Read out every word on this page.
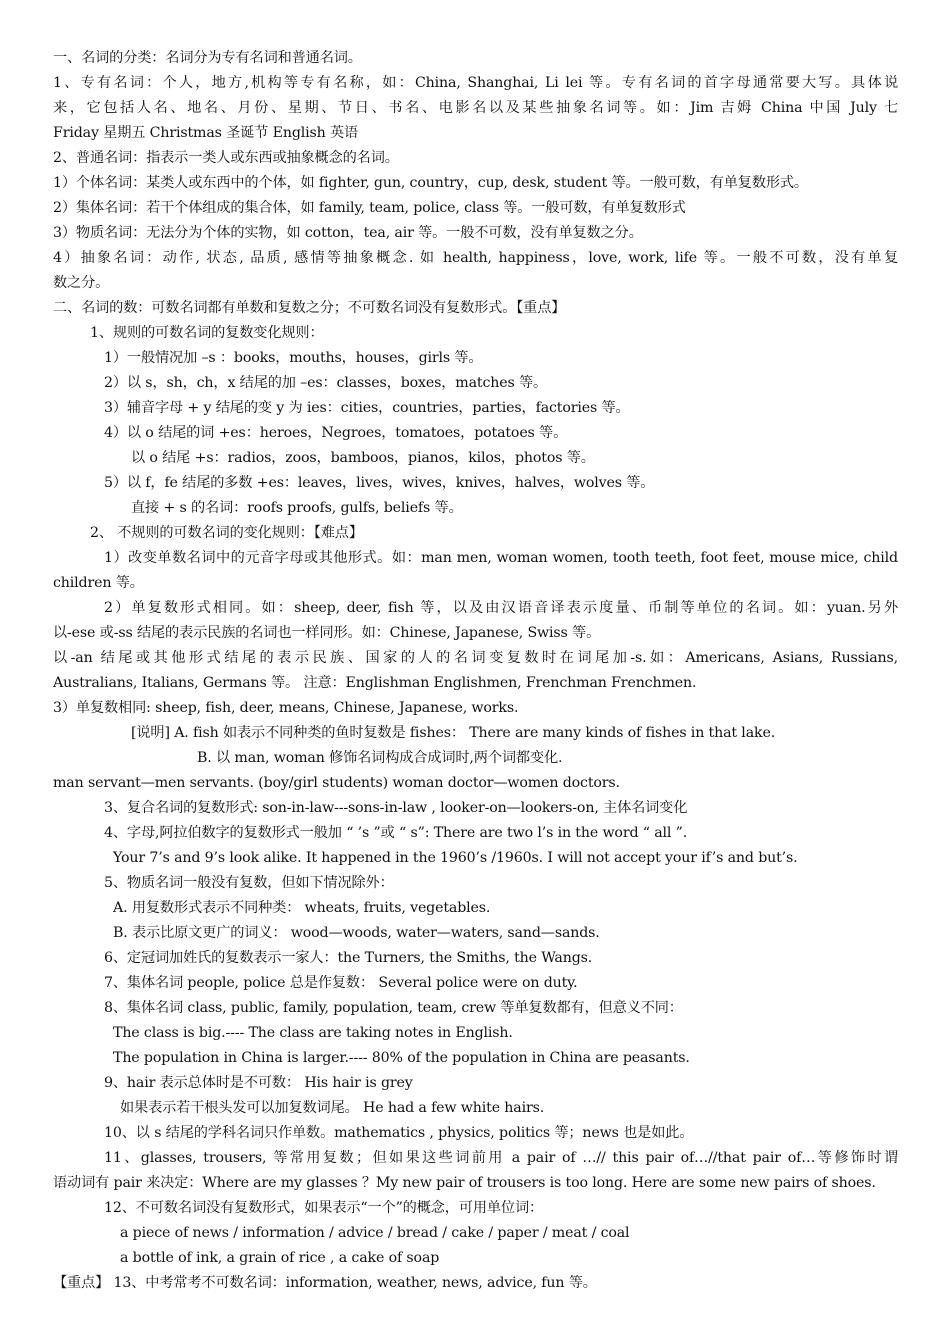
一、名词的分类：名词分为专有名词和普通名词。
1、专有名词：个人，地方,机构等专有名称，如：China, Shanghai, Li lei 等。专有名词的首字母通常要大写。具体说
来，它包括人名、地名、月份、星期、节日、书名、电影名以及某些抽象名词等。如：Jim 吉姆 China 中国 July 七
Friday 星期五 Christmas 圣诞节 English 英语
2、普通名词：指表示一类人或东西或抽象概念的名词。
1）个体名词：某类人或东西中的个体，如 fighter, gun, country，cup, desk, student 等。一般可数，有单复数形式。
2）集体名词：若干个体组成的集合体，如 family, team, police, class 等。一般可数，有单复数形式
3）物质名词：无法分为个体的实物，如 cotton，tea, air 等。一般不可数，没有单复数之分。
4）抽象名词：动作, 状态, 品质, 感情等抽象概念. 如 health, happiness，love, work, life 等。一般不可数，没有单复
数之分。
二、名词的数：可数名词都有单数和复数之分；不可数名词没有复数形式。【重点】
1、规则的可数名词的复数变化规则：
1）一般情况加 –s ：books，mouths，houses，girls 等。
2）以 s，sh，ch，x 结尾的加 –es：classes，boxes，matches 等。
3）辅音字母 + y 结尾的变 y 为 ies：cities，countries，parties，factories 等。
4）以 o 结尾的词 +es：heroes，Negroes，tomatoes，potatoes 等。
以 o 结尾 +s：radios，zoos，bamboos，pianos，kilos，photos 等。
5）以 f，fe 结尾的多数 +es：leaves，lives，wives，knives，halves，wolves 等。
直接 + s 的名词：roofs proofs, gulfs, beliefs 等。
2、 不规则的可数名词的变化规则：【难点】
1）改变单数名词中的元音字母或其他形式。如：man men, woman women, tooth teeth, foot feet, mouse mice, child
children 等。
2）单复数形式相同。如：sheep, deer, fish 等，以及由汉语音译表示度量、币制等单位的名词。如：yuan.另外
以-ese 或-ss 结尾的表示民族的名词也一样同形。如：Chinese, Japanese, Swiss 等。
以-an 结尾或其他形式结尾的表示民族、国家的人的名词变复数时在词尾加-s.如：Americans, Asians, Russians,
Australians, Italians, Germans 等。 注意：Englishman Englishmen, Frenchman Frenchmen.
3）单复数相同: sheep, fish, deer, means, Chinese, Japanese, works.
[说明] A. fish 如表示不同种类的鱼时复数是 fishes： There are many kinds of fishes in that lake.
B. 以 man, woman 修饰名词构成合成词时,两个词都变化.
man servant—men servants. (boy/girl students) woman doctor—women doctors.
3、复合名词的复数形式: son-in-law---sons-in-law , looker-on—lookers-on, 主体名词变化
4、字母,阿拉伯数字的复数形式一般加 “ ’s ”或 “ s”: There are two l’s in the word “ all ”.
Your 7’s and 9’s look alike. It happened in the 1960’s /1960s. I will not accept your if’s and but’s.
5、物质名词一般没有复数，但如下情况除外：
A. 用复数形式表示不同种类： wheats, fruits, vegetables.
B. 表示比原文更广的词义： wood—woods, water—waters, sand—sands.
6、定冠词加姓氏的复数表示一家人：the Turners, the Smiths, the Wangs.
7、集体名词 people, police 总是作复数： Several police were on duty.
8、集体名词 class, public, family, population, team, crew 等单复数都有，但意义不同：
The class is big.---- The class are taking notes in English.
The population in China is larger.---- 80% of the population in China are peasants.
9、hair 表示总体时是不可数： His hair is grey
如果表示若干根头发可以加复数词尾。 He had a few white hairs.
10、以 s 结尾的学科名词只作单数。mathematics , physics, politics 等；news 也是如此。
11、glasses, trousers, 等常用复数；但如果这些词前用 a pair of …// this pair of…//that pair of…等修饰时谓
语动词有 pair 来决定：Where are my glasses ？My new pair of trousers is too long. Here are some new pairs of shoes.
12、不可数名词没有复数形式，如果表示“一个”的概念，可用单位词：
a piece of news / information / advice / bread / cake / paper / meat / coal
a bottle of ink, a grain of rice , a cake of soap
【重点】 13、中考常考不可数名词：information, weather, news, advice, fun 等。
